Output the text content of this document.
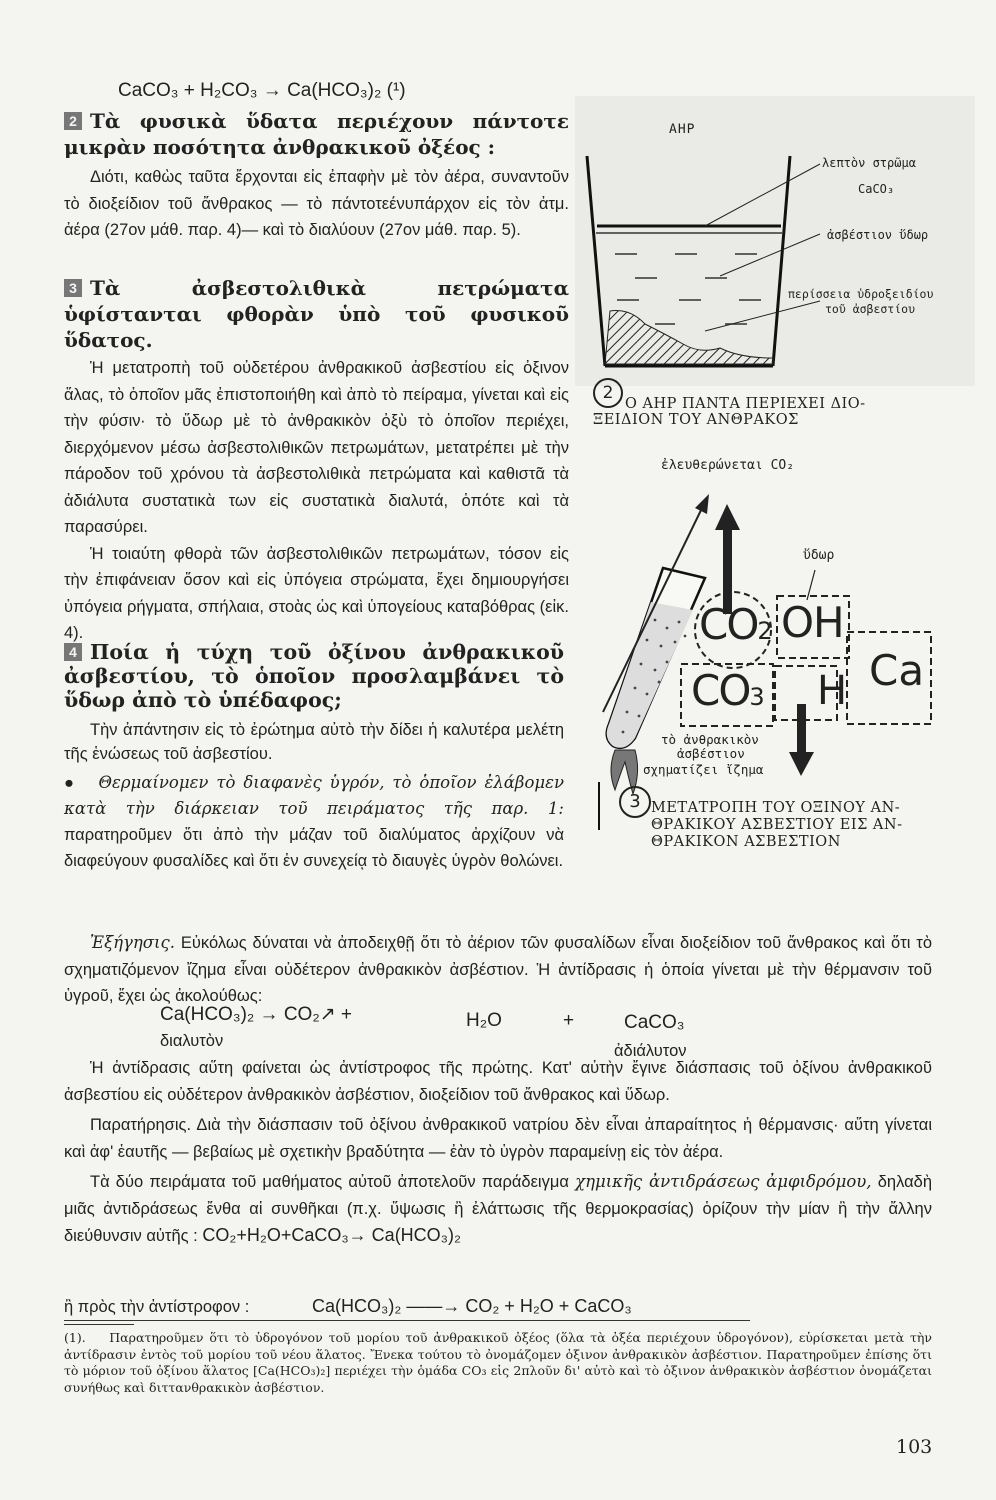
CaCO₃ + H₂CO₃ → Ca(HCO₃)₂ (¹)
2 Τὰ φυσικὰ ὕδατα περιέχουν πάντοτε μικρὰν ποσότητα ἀνθρακικοῦ ὀξέος :

Διότι, καθὼς ταῦτα ἔρχονται εἰς ἐπαφὴν μὲ τὸν ἀέρα, συναντοῦν τὸ διοξείδιον τοῦ ἄνθρακος — τὸ πάντοτεένυπάρχον εἰς τὸν ἀτμ. ἀέρα (27ον μάθ. παρ. 4)— καὶ τὸ διαλύουν (27ον μάθ. παρ. 5).

3 Τὰ ἀσβεστολιθικὰ πετρώματα ὑφίστανται φθορὰν ὑπὸ τοῦ φυσικοῦ ὕδατος.

Ἡ μετατροπὴ τοῦ οὐδετέρου ἀνθρακικοῦ ἀσβεστίου εἰς ὀξινον ἅλας, τὸ ὁποῖον μᾶς ἐπιστοποιήθη καὶ ἀπὸ τὸ πείραμα, γίνεται καὶ εἰς τὴν φύσιν· τὸ ὕδωρ μὲ τὸ ἀνθρακικὸν ὀξὺ τὸ ὁποῖον περιέχει, διερχόμενον μέσω ἀσβεστολιθικῶν πετρωμάτων, μετατρέπει μὲ τὴν πάροδον τοῦ χρόνου τὰ ἀσβεστολιθικὰ πετρώματα καὶ καθιστᾶ τὰ ἀδιάλυτα συστατικὰ των εἰς συστατικὰ διαλυτά, ὁπότε καὶ τὰ παρασύρει.

Ἡ τοιαύτη φθορὰ τῶν ἀσβεστολιθικῶν πετρωμάτων, τόσον εἰς τὴν ἐπιφάνειαν ὅσον καὶ εἰς ὑπόγεια στρώματα, ἔχει δημιουργήσει ὑπόγεια ρήγματα, σπήλαια, στοὰς ὡς καὶ ὑπογείους καταβόθρας (εἰκ. 4).

4 Ποία ἡ τύχη τοῦ ὀξίνου ἀνθρακικοῦ ἀσβεστίου, τὸ ὁποῖον προσλαμβάνει τὸ ὕδωρ ἀπὸ τὸ ὑπέδαφος;

Τὴν ἀπάντησιν εἰς τὸ ἐρώτημα αὐτὸ τὴν δίδει ἡ καλυτέρα μελέτη τῆς ἑνώσεως τοῦ ἀσβεστίου.

●   Θερμαίνομεν τὸ διαφανὲς ὑγρόν, τὸ ὁποῖον ἐλάβομεν κατὰ τὴν διάρκειαν τοῦ πειράματος τῆς παρ. 1: παρατηροῦμεν ὅτι ἀπὸ τὴν μάζαν τοῦ διαλύματος ἀρχίζουν νὰ διαφεύγουν φυσαλίδες καὶ ὅτι ἐν συνεχείᾳ τὸ διαυγὲς ὑγρὸν θολώνει.

Ἐξήγησις. Εὐκόλως δύναται νὰ ἀποδειχθῇ ὅτι τὸ ἀέριον τῶν φυσαλίδων εἶναι διοξείδιον τοῦ ἄνθρακος καὶ ὅτι τὸ σχηματιζόμενον ἴζημα εἶναι οὐδέτερον ἀνθρακικὸν ἀσβέστιον. Ἡ ἀντίδρασις ἡ ὁποία γίνεται μὲ τὴν θέρμανσιν τοῦ ὑγροῦ, ἔχει ὡς ἀκολούθως:

Ca(HCO₃)₂ → CO₂↗ +	H₂O	+	CaCO₃
διαλυτὸν
ἀδιάλυτον

Ἡ ἀντίδρασις αὕτη φαίνεται ὡς ἀντίστροφος τῆς πρώτης. Κατ' αὐτὴν ἔγινε διάσπασις τοῦ ὀξίνου ἀνθρακικοῦ ἀσβεστίου εἰς οὐδέτερον ἀνθρακικὸν ἀσβέστιον, διοξείδιον τοῦ ἄνθρακος καὶ ὕδωρ.

Παρατήρησις. Διὰ τὴν διάσπασιν τοῦ ὀξίνου ἀνθρακικοῦ νατρίου δὲν εἶναι ἀπαραίτητος ἡ θέρμανσις· αὕτη γίνεται καὶ ἀφ' ἑαυτῆς — βεβαίως μὲ σχετικὴν βραδύτητα — ἐὰν τὸ ὑγρὸν παραμείνῃ εἰς τὸν ἀέρα.

Τὰ δύο πειράματα τοῦ μαθήματος αὐτοῦ ἀποτελοῦν παράδειγμα χημικῆς ἀντιδράσεως ἀμφιδρόμου, δηλαδὴ μιᾶς ἀντιδράσεως ἔνθα αἱ συνθῆκαι (π.χ. ὕψωσις ἢ ἐλάττωσις τῆς θερμοκρασίας) ὁρίζουν τὴν μίαν ἢ τὴν ἄλλην διεύθυνσιν αὐτῆς : CO₂+H₂O+CaCO₃→ Ca(HCO₃)₂

ἢ πρὸς τὴν ἀντίστροφον :	Ca(HCO₃)₂ ——→ CO₂ + H₂O + CaCO₃
(1). Παρατηροῦμεν ὅτι τὸ ὑδρογόνον τοῦ μορίου τοῦ ἀνθρακικοῦ ὀξέος (ὅλα τὰ ὀξέα περιέχουν ὑδρογόνον), εὑρίσκεται μετὰ τὴν ἀντίδρασιν ἐντὸς τοῦ μορίου τοῦ νέου ἅλατος. Ἔνεκα τούτου τὸ ὀνομάζομεν ὀξινον ἀνθρακικὸν ἀσβέστιον. Παρατηροῦμεν ἐπίσης ὅτι τὸ μόριον τοῦ ὀξίνου ἅλατος [Ca(HCO₃)₂] περιέχει τὴν ὁμάδα CO₃ εἰς 2πλοῦν δι' αὐτὸ καὶ τὸ ὀξινον ἀνθρακικὸν ἀσβέστιον ὀνομάζεται συνήθως καὶ διττανθρακικὸν ἀσβέστιον.
103
ΑΗΡ
λεπτὸν στρῶμα
CaCO₃
ἀσβέστιον ὕδωρ
περίσσεια ὑδροξειδίου
τοῦ ἀσβεστίου
2
Ο ΑΗΡ ΠΑΝΤΑ ΠΕΡΙΕΧΕΙ ΔΙΟ-
ΞΕΙΔΙΟΝ ΤΟΥ ΑΝΘΡΑΚΟΣ
ἐλευθερώνεται CO₂
ὕδωρ
CO2 OH
CO3 H Ca
τὸ ἀνθρακικὸν
ἀσβέστιον
σχηματίζει ἴζημα
3 ΜΕΤΑΤΡΟΠΗ ΤΟΥ ΟΞΙΝΟΥ ΑΝ-
ΘΡΑΚΙΚΟΥ ΑΣΒΕΣΤΙΟΥ ΕΙΣ ΑΝ-
ΘΡΑΚΙΚΟΝ ΑΣΒΕΣΤΙΟΝ
